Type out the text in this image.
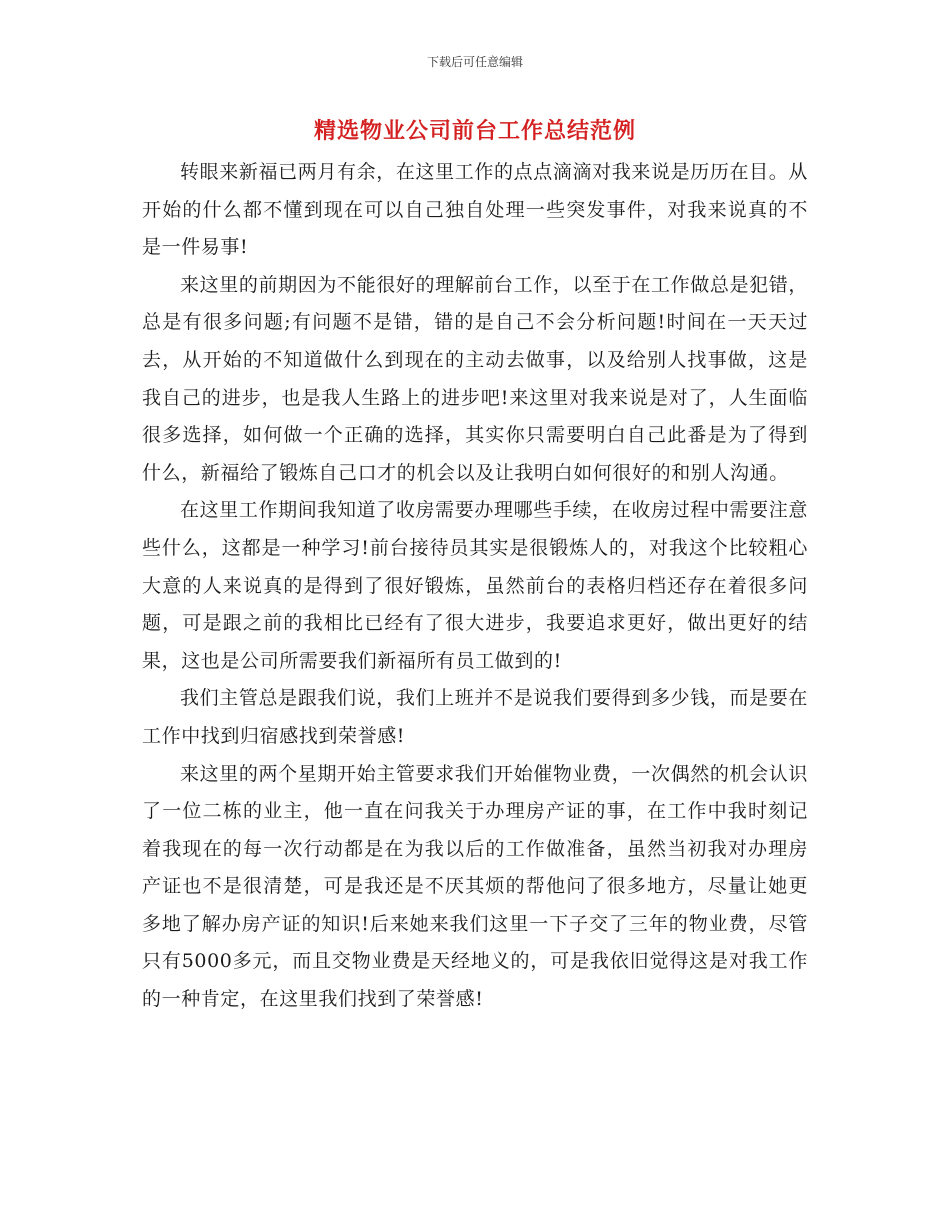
下载后可任意编辑
精选物业公司前台工作总结范例

转眼来新福已两月有余，在这里工作的点点滴滴对我来说是历历在目。从开始的什么都不懂到现在可以自己独自处理一些突发事件，对我来说真的不是一件易事!

来这里的前期因为不能很好的理解前台工作，以至于在工作做总是犯错，总是有很多问题;有问题不是错，错的是自己不会分析问题!时间在一天天过去，从开始的不知道做什么到现在的主动去做事，以及给别人找事做，这是我自己的进步，也是我人生路上的进步吧!来这里对我来说是对了，人生面临很多选择，如何做一个正确的选择，其实你只需要明白自己此番是为了得到什么，新福给了锻炼自己口才的机会以及让我明白如何很好的和别人沟通。

在这里工作期间我知道了收房需要办理哪些手续，在收房过程中需要注意些什么，这都是一种学习!前台接待员其实是很锻炼人的，对我这个比较粗心大意的人来说真的是得到了很好锻炼，虽然前台的表格归档还存在着很多问题，可是跟之前的我相比已经有了很大进步，我要追求更好，做出更好的结果，这也是公司所需要我们新福所有员工做到的!

我们主管总是跟我们说，我们上班并不是说我们要得到多少钱，而是要在工作中找到归宿感找到荣誉感!

来这里的两个星期开始主管要求我们开始催物业费，一次偶然的机会认识了一位二栋的业主，他一直在问我关于办理房产证的事，在工作中我时刻记着我现在的每一次行动都是在为我以后的工作做准备，虽然当初我对办理房产证也不是很清楚，可是我还是不厌其烦的帮他问了很多地方，尽量让她更多地了解办房产证的知识!后来她来我们这里一下子交了三年的物业费，尽管只有5000多元，而且交物业费是天经地义的，可是我依旧觉得这是对我工作的一种肯定，在这里我们找到了荣誉感!
